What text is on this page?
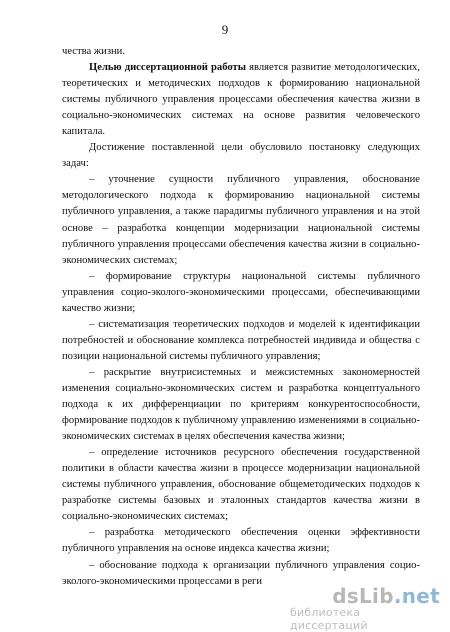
9

чества жизни.

Целью диссертационной работы является развитие методологических, теоретических и методических подходов к формированию национальной системы публичного управления процессами обеспечения качества жизни в социально-экономических системах на основе развития человеческого капитала.

Достижение поставленной цели обусловило постановку следующих задач:

– уточнение сущности публичного управления, обоснование методологического подхода к формированию национальной системы публичного управления, а также парадигмы публичного управления и на этой основе – разработка концепции модернизации национальной системы публичного управления процессами обеспечения качества жизни в социально-экономических системах;

– формирование структуры национальной системы публичного управления социо-эколого-экономическими процессами, обеспечивающими качество жизни;

– систематизация теоретических подходов и моделей к идентификации потребностей и обоснование комплекса потребностей индивида и общества с позиции национальной системы публичного управления;

– раскрытие внутрисистемных и межсистемных закономерностей изменения социально-экономических систем и разработка концептуального подхода к их дифференциации по критериям конкурентоспособности, формирование подходов к публичному управлению изменениями в социально-экономических системах в целях обеспечения качества жизни;

– определение источников ресурсного обеспечения государственной политики в области качества жизни в процессе модернизации национальной системы публичного управления, обоснование общеметодических подходов к разработке системы базовых и эталонных стандартов качества жизни в социально-экономических системах;

– разработка методического обеспечения оценки эффективности публичного управления на основе индекса качества жизни;

– обоснование подхода к организации публичного управления социо-эколого-экономическими процессами в реги

dsLib.net
библиотека диссертаций
